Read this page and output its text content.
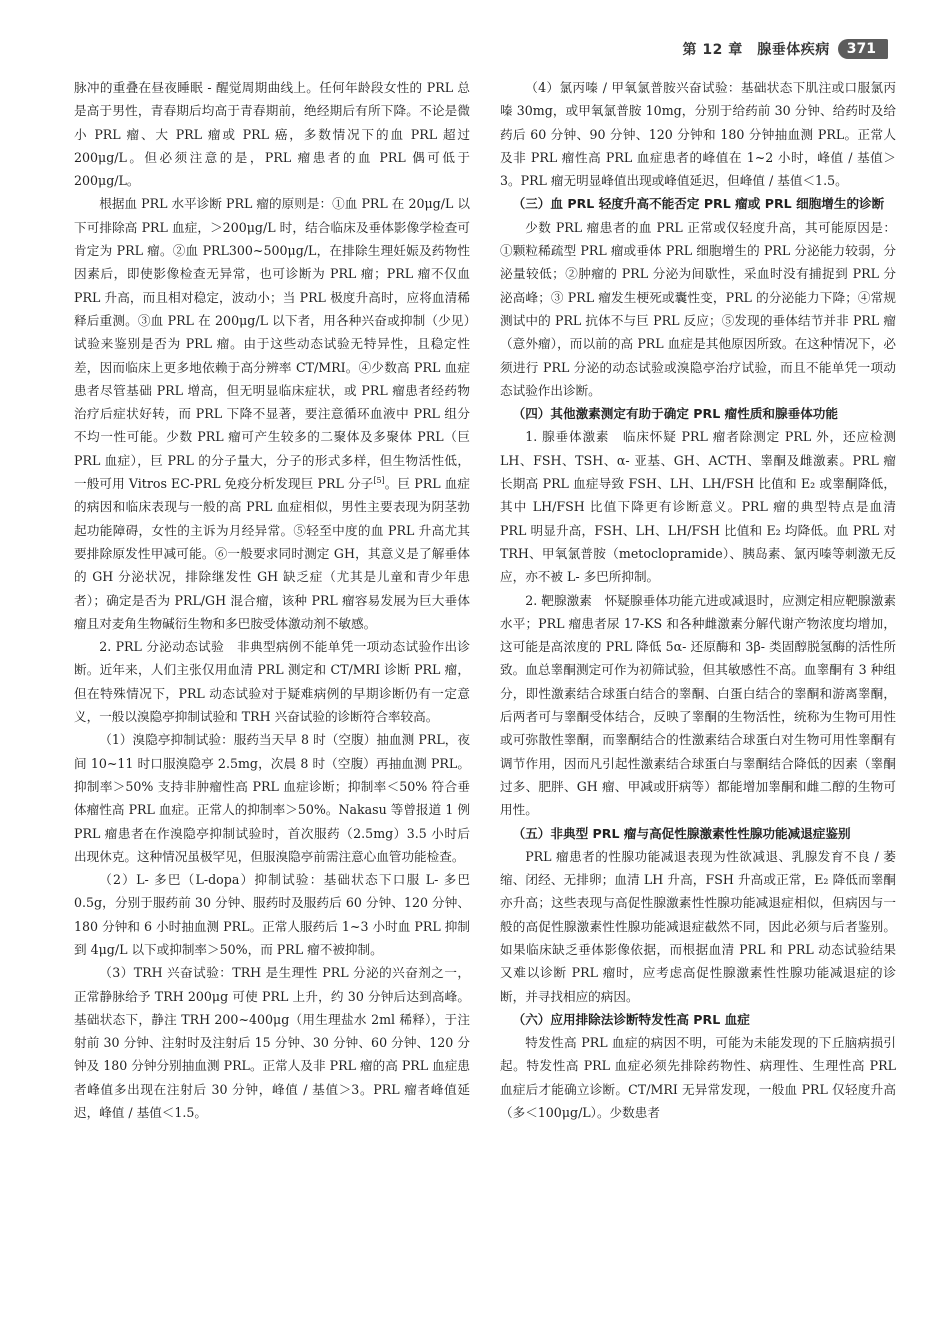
第 12 章　腺垂体疾病	371

脉冲的重叠在昼夜睡眠 - 醒觉周期曲线上。任何年龄段女性的 PRL 总是高于男性，青春期后均高于青春期前，绝经期后有所下降。不论是微小 PRL 瘤、大 PRL 瘤或 PRL 癌，多数情况下的血 PRL 超过 200μg/L。但必须注意的是，PRL 瘤患者的血 PRL 偶可低于 200μg/L。

根据血 PRL 水平诊断 PRL 瘤的原则是：①血 PRL 在 20μg/L 以下可排除高 PRL 血症，＞200μg/L 时，结合临床及垂体影像学检查可肯定为 PRL 瘤。②血 PRL300~500μg/L，在排除生理妊娠及药物性因素后，即使影像检查无异常，也可诊断为 PRL 瘤；PRL 瘤不仅血 PRL 升高，而且相对稳定，波动小；当 PRL 极度升高时，应将血清稀释后重测。③血 PRL 在 200μg/L 以下者，用各种兴奋或抑制（少见）试验来鉴别是否为 PRL 瘤。由于这些动态试验无特异性，且稳定性差，因而临床上更多地依赖于高分辨率 CT/MRI。④少数高 PRL 血症患者尽管基础 PRL 增高，但无明显临床症状，或 PRL 瘤患者经药物治疗后症状好转，而 PRL 下降不显著，要注意循环血液中 PRL 组分不均一性可能。少数 PRL 瘤可产生较多的二聚体及多聚体 PRL（巨 PRL 血症），巨 PRL 的分子量大，分子的形式多样，但生物活性低，一般可用 Vitros EC-PRL 免疫分析发现巨 PRL 分子[5]。巨 PRL 血症的病因和临床表现与一般的高 PRL 血症相似，男性主要表现为阴茎勃起功能障碍，女性的主诉为月经异常。⑤轻至中度的血 PRL 升高尤其要排除原发性甲减可能。⑥一般要求同时测定 GH，其意义是了解垂体的 GH 分泌状况，排除继发性 GH 缺乏症（尤其是儿童和青少年患者）；确定是否为 PRL/GH 混合瘤，该种 PRL 瘤容易发展为巨大垂体瘤且对麦角生物碱衍生物和多巴胺受体激动剂不敏感。

2. PRL 分泌动态试验　非典型病例不能单凭一项动态试验作出诊断。近年来，人们主张仅用血清 PRL 测定和 CT/MRI 诊断 PRL 瘤，但在特殊情况下，PRL 动态试验对于疑难病例的早期诊断仍有一定意义，一般以溴隐亭抑制试验和 TRH 兴奋试验的诊断符合率较高。

（1）溴隐亭抑制试验：服药当天早 8 时（空腹）抽血测 PRL，夜间 10~11 时口服溴隐亭 2.5mg，次晨 8 时（空腹）再抽血测 PRL。抑制率＞50% 支持非肿瘤性高 PRL 血症诊断；抑制率＜50% 符合垂体瘤性高 PRL 血症。正常人的抑制率＞50%。Nakasu 等曾报道 1 例 PRL 瘤患者在作溴隐亭抑制试验时，首次服药（2.5mg）3.5 小时后出现休克。这种情况虽极罕见，但服溴隐亭前需注意心血管功能检查。

（2）L- 多巴（L-dopa）抑制试验：基础状态下口服 L- 多巴 0.5g，分别于服药前 30 分钟、服药时及服药后 60 分钟、120 分钟、180 分钟和 6 小时抽血测 PRL。正常人服药后 1~3 小时血 PRL 抑制到 4μg/L 以下或抑制率＞50%，而 PRL 瘤不被抑制。

（3）TRH 兴奋试验：TRH 是生理性 PRL 分泌的兴奋剂之一，正常静脉给予 TRH 200μg 可使 PRL 上升，约 30 分钟后达到高峰。基础状态下，静注 TRH 200~400μg（用生理盐水 2ml 稀释），于注射前 30 分钟、注射时及注射后 15 分钟、30 分钟、60 分钟、120 分钟及 180 分钟分别抽血测 PRL。正常人及非 PRL 瘤的高 PRL 血症患者峰值多出现在注射后 30 分钟，峰值 / 基值＞3。PRL 瘤者峰值延迟，峰值 / 基值＜1.5。

（4）氯丙嗪 / 甲氧氯普胺兴奋试验：基础状态下肌注或口服氯丙嗪 30mg，或甲氧氯普胺 10mg，分别于给药前 30 分钟、给药时及给药后 60 分钟、90 分钟、120 分钟和 180 分钟抽血测 PRL。正常人及非 PRL 瘤性高 PRL 血症患者的峰值在 1~2 小时，峰值 / 基值＞3。PRL 瘤无明显峰值出现或峰值延迟，但峰值 / 基值＜1.5。

（三）血 PRL 轻度升高不能否定 PRL 瘤或 PRL 细胞增生的诊断

少数 PRL 瘤患者的血 PRL 正常或仅轻度升高，其可能原因是：①颗粒稀疏型 PRL 瘤或垂体 PRL 细胞增生的 PRL 分泌能力较弱，分泌量较低；②肿瘤的 PRL 分泌为间歇性，采血时没有捕捉到 PRL 分泌高峰；③ PRL 瘤发生梗死或囊性变，PRL 的分泌能力下降；④常规测试中的 PRL 抗体不与巨 PRL 反应；⑤发现的垂体结节并非 PRL 瘤（意外瘤），而以前的高 PRL 血症是其他原因所致。在这种情况下，必须进行 PRL 分泌的动态试验或溴隐亭治疗试验，而且不能单凭一项动态试验作出诊断。

（四）其他激素测定有助于确定 PRL 瘤性质和腺垂体功能

1. 腺垂体激素　临床怀疑 PRL 瘤者除测定 PRL 外，还应检测 LH、FSH、TSH、α- 亚基、GH、ACTH、睾酮及雌激素。PRL 瘤长期高 PRL 血症导致 FSH、LH、LH/FSH 比值和 E₂ 或睾酮降低，其中 LH/FSH 比值下降更有诊断意义。PRL 瘤的典型特点是血清 PRL 明显升高，FSH、LH、LH/FSH 比值和 E₂ 均降低。血 PRL 对 TRH、甲氧氯普胺（metoclopramide）、胰岛素、氯丙嗪等刺激无反应，亦不被 L- 多巴所抑制。

2. 靶腺激素　怀疑腺垂体功能亢进或减退时，应测定相应靶腺激素水平；PRL 瘤患者尿 17-KS 和各种雌激素分解代谢产物浓度均增加，这可能是高浓度的 PRL 降低 5α- 还原酶和 3β- 类固醇脱氢酶的活性所致。血总睾酮测定可作为初筛试验，但其敏感性不高。血睾酮有 3 种组分，即性激素结合球蛋白结合的睾酮、白蛋白结合的睾酮和游离睾酮，后两者可与睾酮受体结合，反映了睾酮的生物活性，统称为生物可用性或可弥散性睾酮，而睾酮结合的性激素结合球蛋白对生物可用性睾酮有调节作用，因而凡引起性激素结合球蛋白与睾酮结合降低的因素（睾酮过多、肥胖、GH 瘤、甲减或肝病等）都能增加睾酮和雌二醇的生物可用性。

（五）非典型 PRL 瘤与高促性腺激素性性腺功能减退症鉴别

PRL 瘤患者的性腺功能减退表现为性欲减退、乳腺发育不良 / 萎缩、闭经、无排卵；血清 LH 升高，FSH 升高或正常，E₂ 降低而睾酮亦升高；这些表现与高促性腺激素性性腺功能减退症相似，但病因与一般的高促性腺激素性性腺功能减退症截然不同，因此必须与后者鉴别。如果临床缺乏垂体影像依据，而根据血清 PRL 和 PRL 动态试验结果又难以诊断 PRL 瘤时，应考虑高促性腺激素性性腺功能减退症的诊断，并寻找相应的病因。

（六）应用排除法诊断特发性高 PRL 血症

特发性高 PRL 血症的病因不明，可能为未能发现的下丘脑病损引起。特发性高 PRL 血症必须先排除药物性、病理性、生理性高 PRL 血症后才能确立诊断。CT/MRI 无异常发现，一般血 PRL 仅轻度升高（多＜100μg/L）。少数患者
